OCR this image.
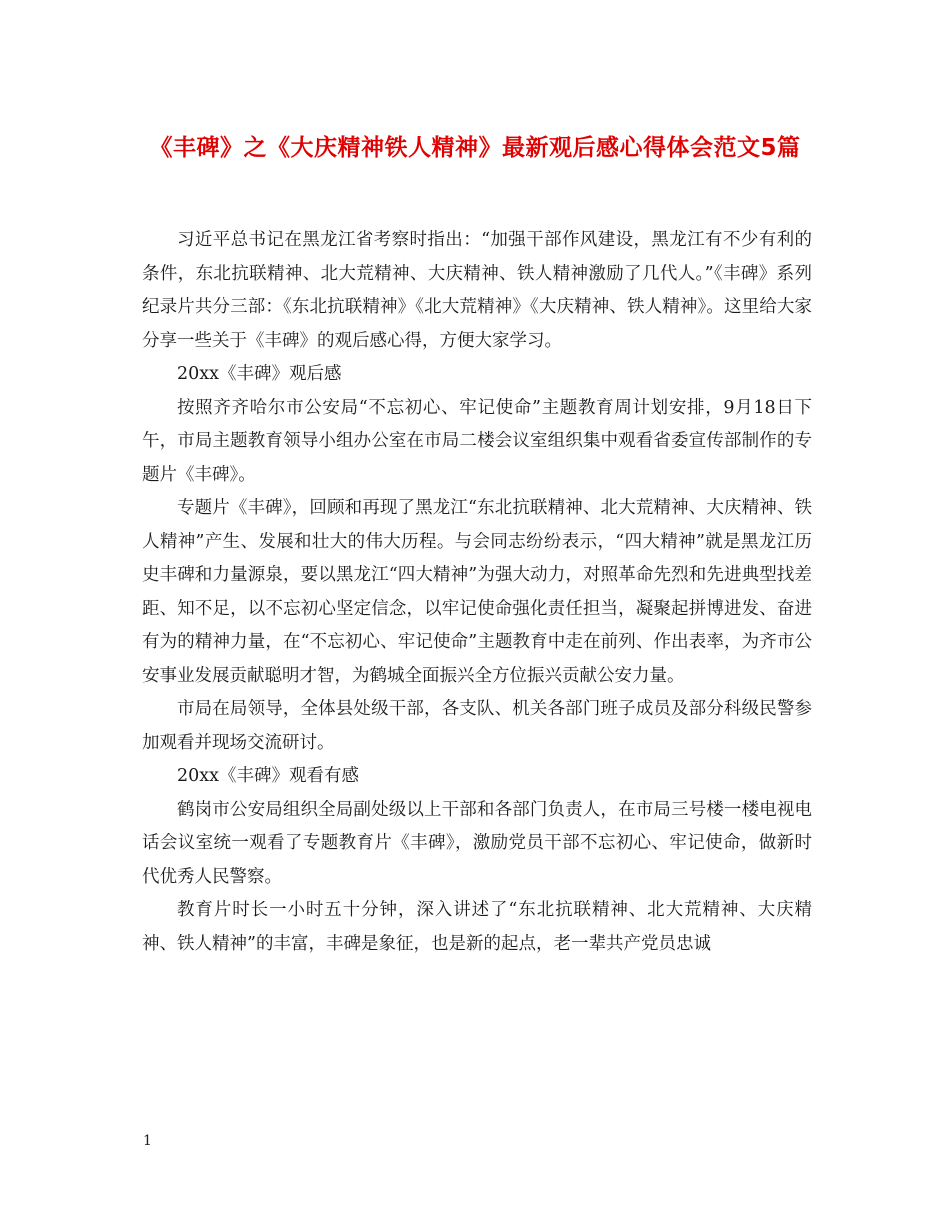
《丰碑》之《大庆精神铁人精神》最新观后感心得体会范文5篇

习近平总书记在黑龙江省考察时指出：“加强干部作风建设，黑龙江有不少有利的条件，东北抗联精神、北大荒精神、大庆精神、铁人精神激励了几代人。”《丰碑》系列纪录片共分三部：《东北抗联精神》《北大荒精神》《大庆精神、铁人精神》。这里给大家分享一些关于《丰碑》的观后感心得，方便大家学习。

20xx《丰碑》观后感

按照齐齐哈尔市公安局“不忘初心、牢记使命”主题教育周计划安排，9月18日下午，市局主题教育领导小组办公室在市局二楼会议室组织集中观看省委宣传部制作的专题片《丰碑》。

专题片《丰碑》，回顾和再现了黑龙江“东北抗联精神、北大荒精神、大庆精神、铁人精神”产生、发展和壮大的伟大历程。与会同志纷纷表示，“四大精神”就是黑龙江历史丰碑和力量源泉，要以黑龙江“四大精神”为强大动力，对照革命先烈和先进典型找差距、知不足，以不忘初心坚定信念，以牢记使命强化责任担当，凝聚起拼博进发、奋进有为的精神力量，在“不忘初心、牢记使命”主题教育中走在前列、作出表率，为齐市公安事业发展贡献聪明才智，为鹤城全面振兴全方位振兴贡献公安力量。

市局在局领导，全体县处级干部，各支队、机关各部门班子成员及部分科级民警参加观看并现场交流研讨。

20xx《丰碑》观看有感

鹤岗市公安局组织全局副处级以上干部和各部门负责人，在市局三号楼一楼电视电话会议室统一观看了专题教育片《丰碑》，激励党员干部不忘初心、牢记使命，做新时代优秀人民警察。

教育片时长一小时五十分钟，深入讲述了“东北抗联精神、北大荒精神、大庆精神、铁人精神”的丰富，丰碑是象征，也是新的起点，老一辈共产党员忠诚

1
